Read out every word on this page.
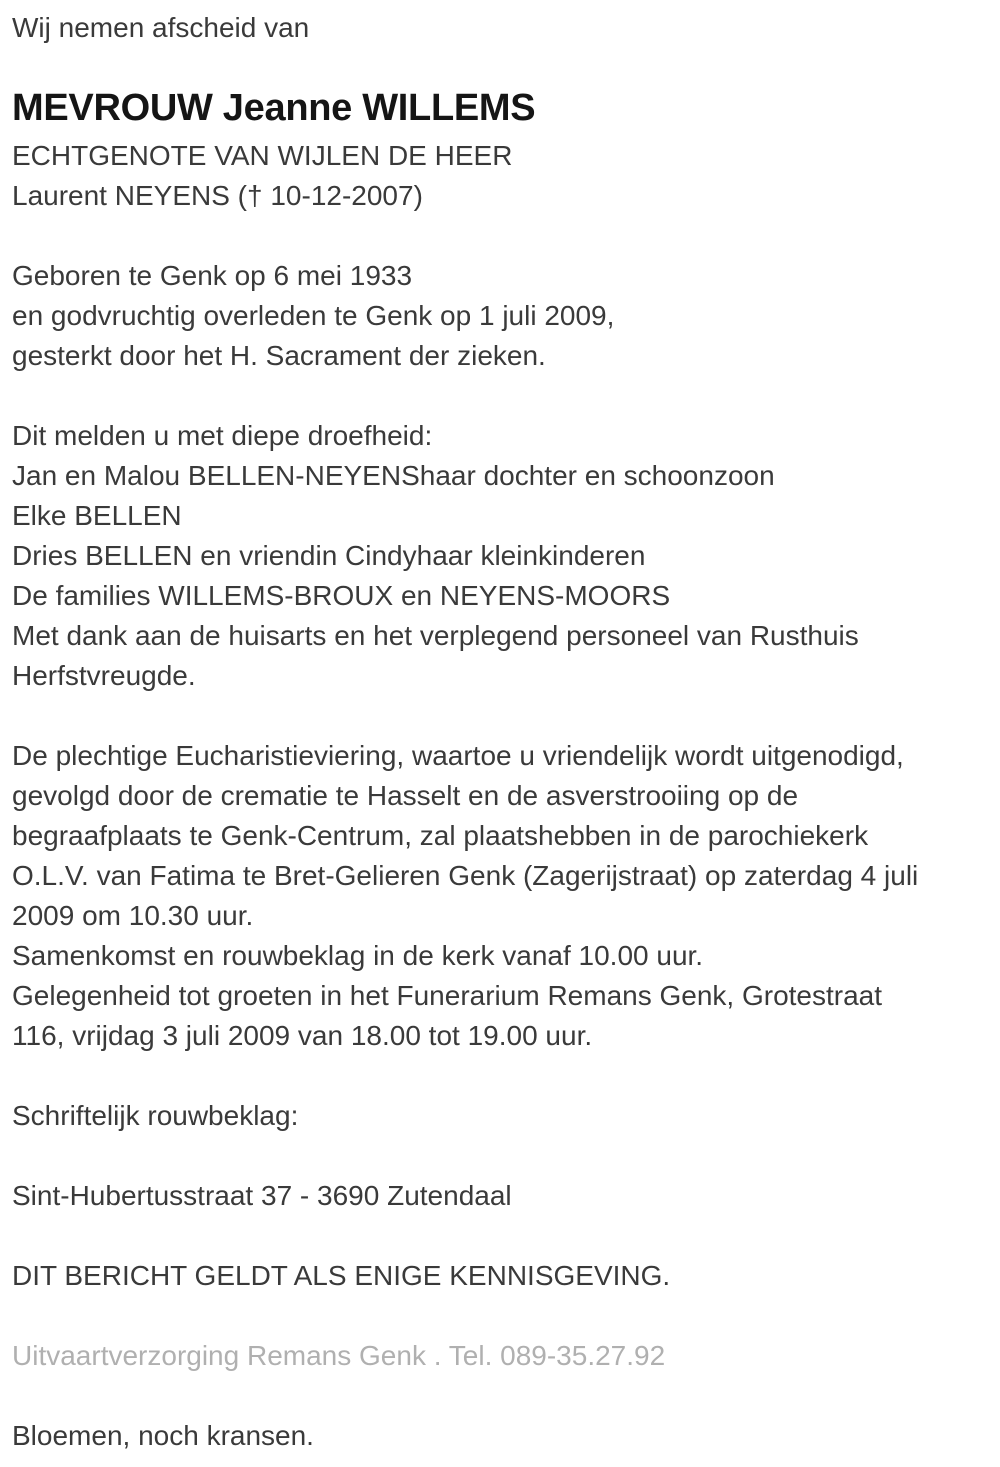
Wij nemen afscheid van
MEVROUW Jeanne WILLEMS
ECHTGENOTE VAN WIJLEN DE HEER
Laurent NEYENS († 10-12-2007)
Geboren te Genk op 6 mei 1933
en godvruchtig overleden te Genk op 1 juli 2009,
gesterkt door het H. Sacrament der zieken.
Dit melden u met diepe droefheid:
Jan en Malou BELLEN-NEYENShaar dochter en schoonzoon
Elke BELLEN
Dries BELLEN en vriendin Cindyhaar kleinkinderen
De families WILLEMS-BROUX en NEYENS-MOORS
Met dank aan de huisarts en het verplegend personeel van Rusthuis
Herfstvreugde.
De plechtige Eucharistieviering, waartoe u vriendelijk wordt uitgenodigd,
gevolgd door de crematie te Hasselt en de asverstrooiing op de
begraafplaats te Genk-Centrum, zal plaatshebben in de parochiekerk
O.L.V. van Fatima te Bret-Gelieren Genk (Zagerijstraat) op zaterdag 4 juli
2009 om 10.30 uur.
Samenkomst en rouwbeklag in de kerk vanaf 10.00 uur.
Gelegenheid tot groeten in het Funerarium Remans Genk, Grotestraat
116, vrijdag 3 juli 2009 van 18.00 tot 19.00 uur.
Schriftelijk rouwbeklag:
Sint-Hubertusstraat 37 - 3690 Zutendaal
DIT BERICHT GELDT ALS ENIGE KENNISGEVING.
Uitvaartverzorging Remans Genk . Tel. 089-35.27.92
Bloemen, noch kransen.
